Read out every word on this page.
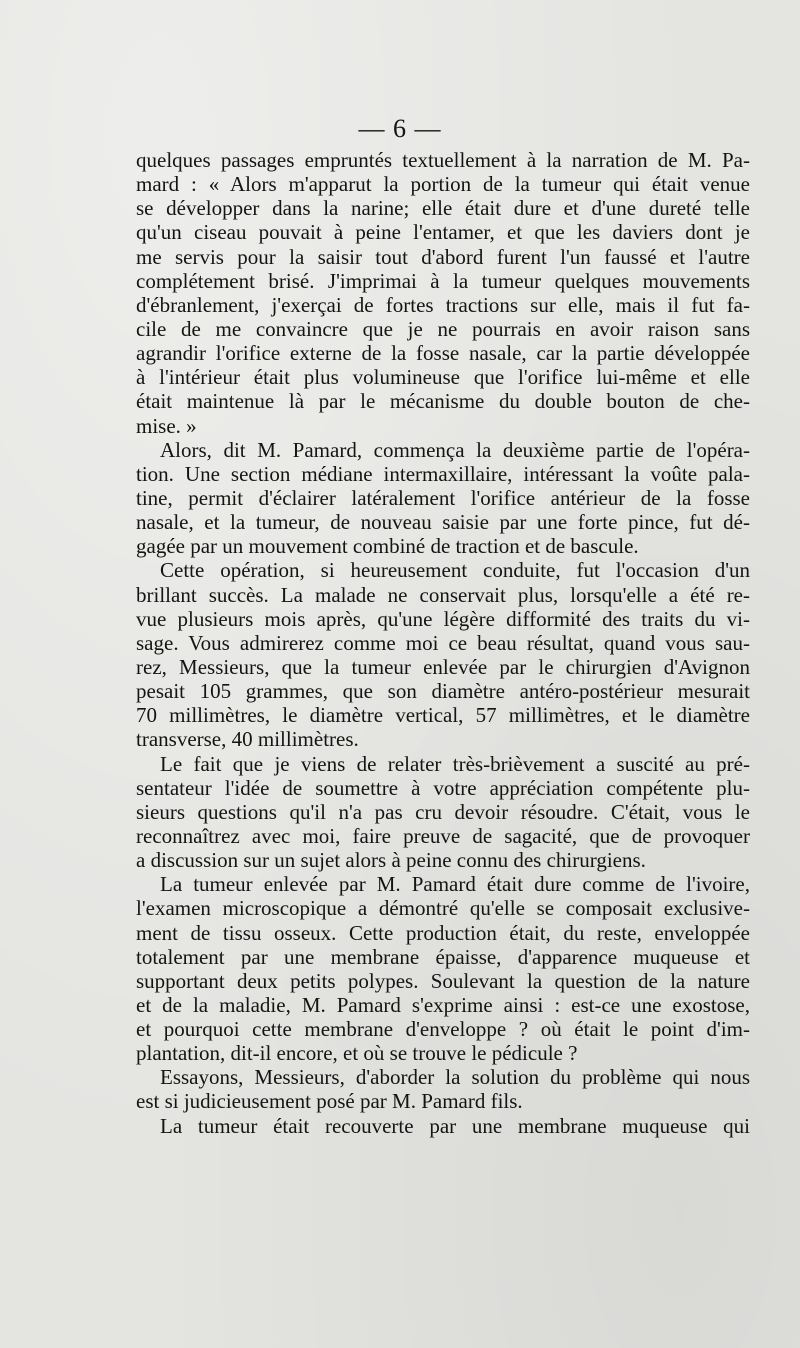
— 6 —
quelques passages empruntés textuellement à la narration de M. Pa-
mard : « Alors m'apparut la portion de la tumeur qui était venue
se développer dans la narine; elle était dure et d'une dureté telle
qu'un ciseau pouvait à peine l'entamer, et que les daviers dont je
me servis pour la saisir tout d'abord furent l'un faussé et l'autre
complétement brisé. J'imprimai à la tumeur quelques mouvements
d'ébranlement, j'exerçai de fortes tractions sur elle, mais il fut fa-
cile de me convaincre que je ne pourrais en avoir raison sans
agrandir l'orifice externe de la fosse nasale, car la partie développée
à l'intérieur était plus volumineuse que l'orifice lui-même et elle
était maintenue là par le mécanisme du double bouton de che-
mise. »
Alors, dit M. Pamard, commença la deuxième partie de l'opéra-
tion. Une section médiane intermaxillaire, intéressant la voûte pala-
tine, permit d'éclairer latéralement l'orifice antérieur de la fosse
nasale, et la tumeur, de nouveau saisie par une forte pince, fut dé-
gagée par un mouvement combiné de traction et de bascule.
Cette opération, si heureusement conduite, fut l'occasion d'un
brillant succès. La malade ne conservait plus, lorsqu'elle a été re-
vue plusieurs mois après, qu'une légère difformité des traits du vi-
sage. Vous admirerez comme moi ce beau résultat, quand vous sau-
rez, Messieurs, que la tumeur enlevée par le chirurgien d'Avignon
pesait 105 grammes, que son diamètre antéro-postérieur mesurait
70 millimètres, le diamètre vertical, 57 millimètres, et le diamètre
transverse, 40 millimètres.
Le fait que je viens de relater très-brièvement a suscité au pré-
sentateur l'idée de soumettre à votre appréciation compétente plu-
sieurs questions qu'il n'a pas cru devoir résoudre. C'était, vous le
reconnaîtrez avec moi, faire preuve de sagacité, que de provoquer
a discussion sur un sujet alors à peine connu des chirurgiens.
La tumeur enlevée par M. Pamard était dure comme de l'ivoire,
l'examen microscopique a démontré qu'elle se composait exclusive-
ment de tissu osseux. Cette production était, du reste, enveloppée
totalement par une membrane épaisse, d'apparence muqueuse et
supportant deux petits polypes. Soulevant la question de la nature
et de la maladie, M. Pamard s'exprime ainsi : est-ce une exostose,
et pourquoi cette membrane d'enveloppe ? où était le point d'im-
plantation, dit-il encore, et où se trouve le pédicule ?
Essayons, Messieurs, d'aborder la solution du problème qui nous
est si judicieusement posé par M. Pamard fils.
La tumeur était recouverte par une membrane muqueuse qui
